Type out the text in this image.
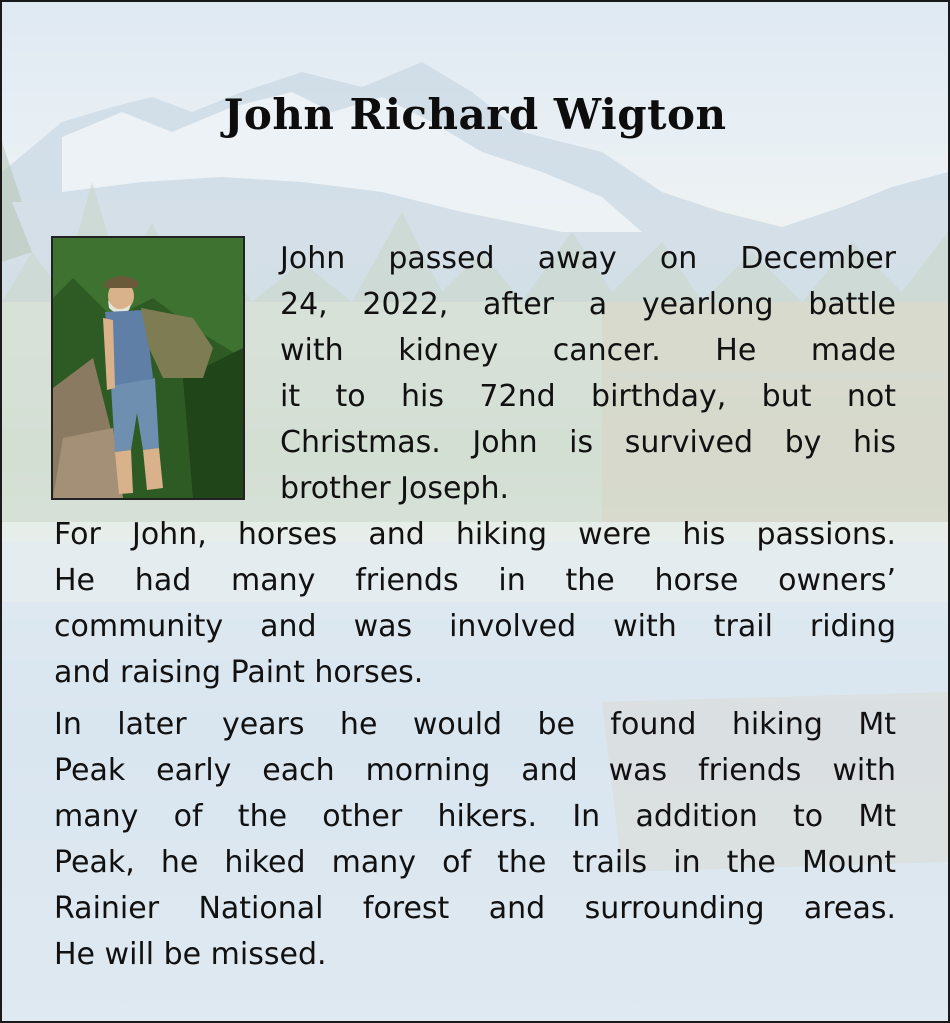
John Richard Wigton
John passed away on December
24, 2022, after a yearlong battle
with kidney cancer. He made
it to his 72nd birthday, but not
Christmas. John is survived by his
brother Joseph.
For John, horses and hiking were his passions.
He had many friends in the horse owners’
community and was involved with trail riding
and raising Paint horses.
In later years he would be found hiking Mt
Peak early each morning and was friends with
many of the other hikers. In addition to Mt
Peak, he hiked many of the trails in the Mount
Rainier National forest and surrounding areas.
He will be missed.
